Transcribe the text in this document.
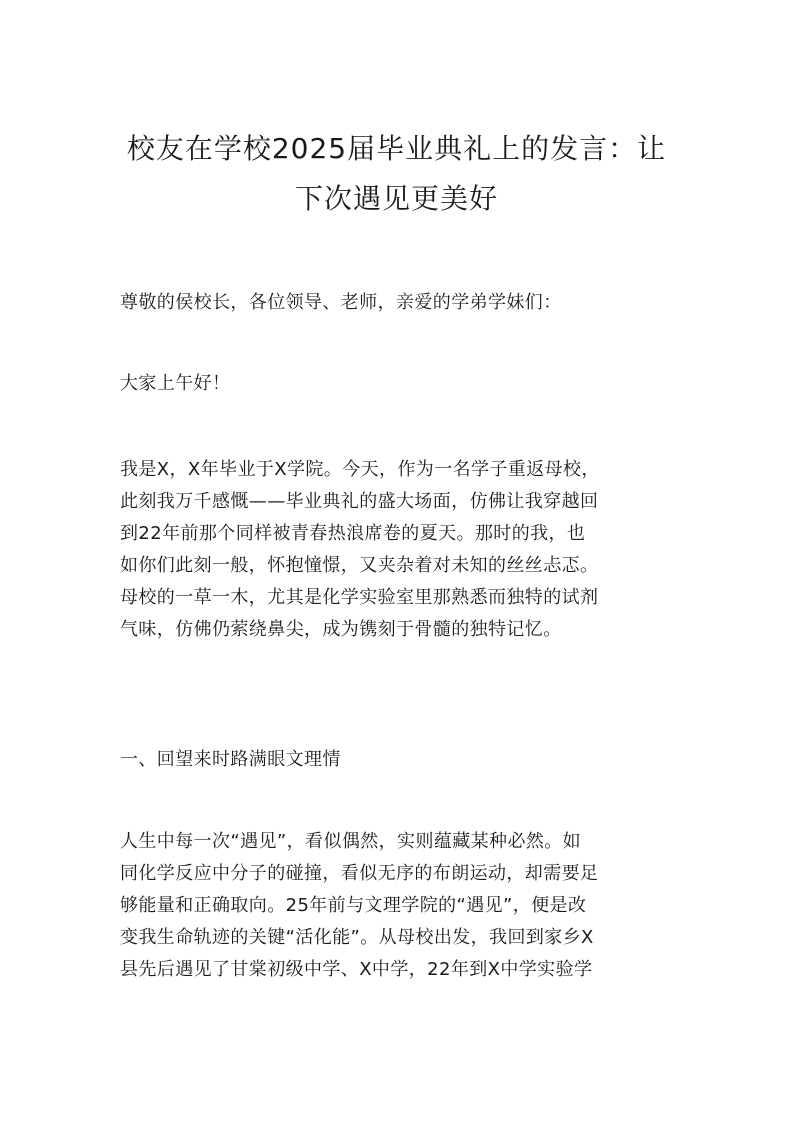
校友在学校2025届毕业典礼上的发言：让
下次遇见更美好

尊敬的侯校长，各位领导、老师，亲爱的学弟学妹们：

大家上午好！

我是X，X年毕业于X学院。今天，作为一名学子重返母校，
此刻我万千感慨——毕业典礼的盛大场面，仿佛让我穿越回
到22年前那个同样被青春热浪席卷的夏天。那时的我，也
如你们此刻一般，怀抱憧憬，又夹杂着对未知的丝丝忐忑。
母校的一草一木，尤其是化学实验室里那熟悉而独特的试剂
气味，仿佛仍萦绕鼻尖，成为镌刻于骨髓的独特记忆。

一、回望来时路满眼文理情

人生中每一次“遇见”，看似偶然，实则蕴藏某种必然。如
同化学反应中分子的碰撞，看似无序的布朗运动，却需要足
够能量和正确取向。25年前与文理学院的“遇见”，便是改
变我生命轨迹的关键“活化能”。从母校出发，我回到家乡X
县先后遇见了甘棠初级中学、X中学，22年到X中学实验学
